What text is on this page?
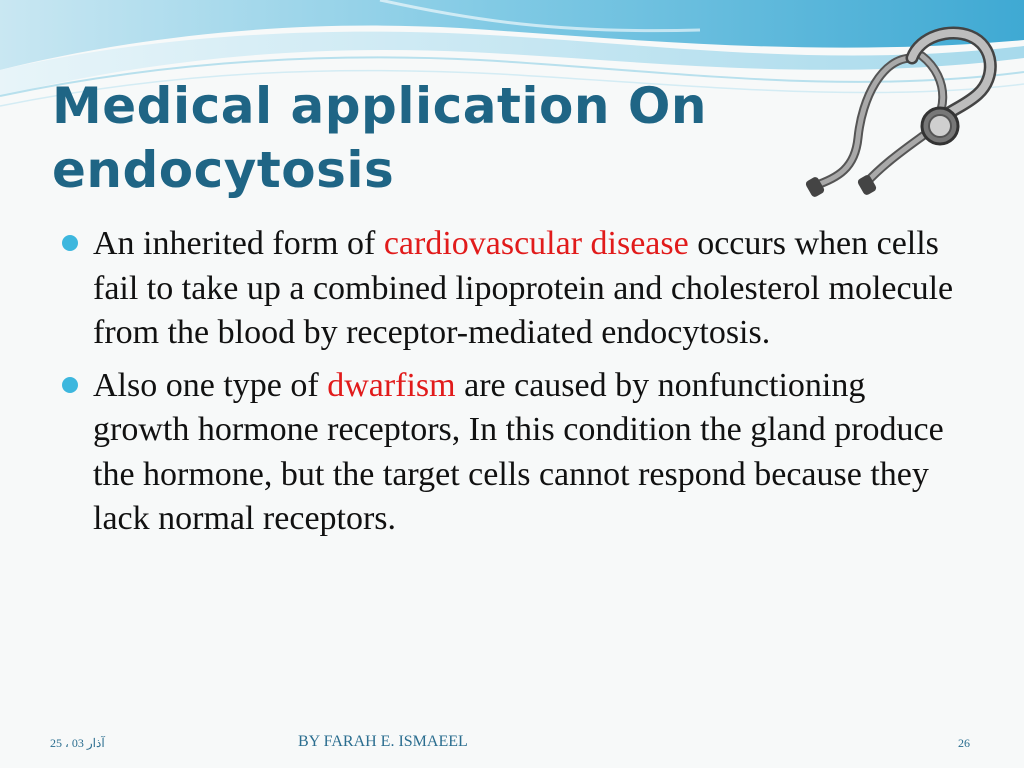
Medical application On
endocytosis
An inherited form of cardiovascular disease occurs when cells fail to take up a combined lipoprotein and cholesterol molecule from the blood by receptor-mediated endocytosis.
Also one type of dwarfism are caused by nonfunctioning growth hormone receptors, In this condition the gland produce the hormone, but the target cells cannot respond because they lack normal receptors.
25 ، آذار 03	BY FARAH E. ISMAEEL	26
